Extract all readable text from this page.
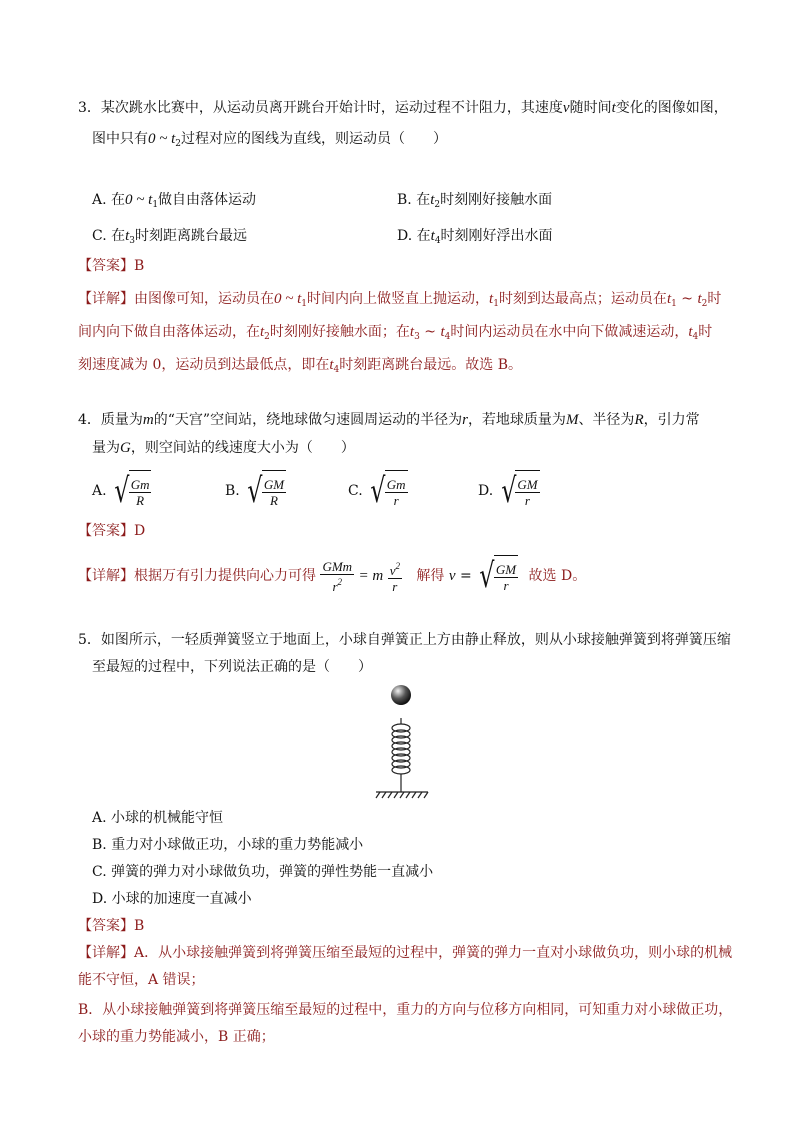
3．某次跳水比赛中，从运动员离开跳台开始计时，运动过程不计阻力，其速度v随时间t变化的图像如图，
图中只有0 ~ $t_2$过程对应的图线为直线，则运动员（　　）
A. 在0 ~ $t_1$做自由落体运动	B. 在$t_2$时刻刚好接触水面
C. 在$t_3$时刻距离跳台最远	D. 在$t_4$时刻刚好浮出水面
【答案】B
【详解】由图像可知，运动员在0 ~ $t_1$时间内向上做竖直上抛运动，$t_1$时刻到达最高点；运动员在$t_1$ ~ $t_2$时
间内向下做自由落体运动，在$t_2$时刻刚好接触水面；在$t_3$ ~ $t_4$时间内运动员在水中向下做减速运动，$t_4$时
刻速度减为 0，运动员到达最低点，即在$t_4$时刻距离跳台最远。故选 B。
4．质量为m的“天宫”空间站，绕地球做匀速圆周运动的半径为r，若地球质量为M、半径为R，引力常
量为G，则空间站的线速度大小为（　　）
A. √ $\frac{Gm}{R}$	B. √ $\frac{GM}{R}$	C. √ $\frac{Gm}{r}$	D. √ $\frac{GM}{r}$
【答案】D
【详解】根据万有引力提供向心力可得 $\frac{\text{GMm}}{r^2} = m \frac{v^2}{r}$ 解得 v = √ $\frac{GM}{r}$ 故选 D。
5．如图所示，一轻质弹簧竖立于地面上，小球自弹簧正上方由静止释放，则从小球接触弹簧到将弹簧压缩
至最短的过程中，下列说法正确的是（　　）
A. 小球的机械能守恒
B. 重力对小球做正功，小球的重力势能减小
C. 弹簧的弹力对小球做负功，弹簧的弹性势能一直减小
D. 小球的加速度一直减小
【答案】B
【详解】A．从小球接触弹簧到将弹簧压缩至最短的过程中，弹簧的弹力一直对小球做负功，则小球的机械
能不守恒，A 错误；
B．从小球接触弹簧到将弹簧压缩至最短的过程中，重力的方向与位移方向相同，可知重力对小球做正功，
小球的重力势能减小，B 正确；
